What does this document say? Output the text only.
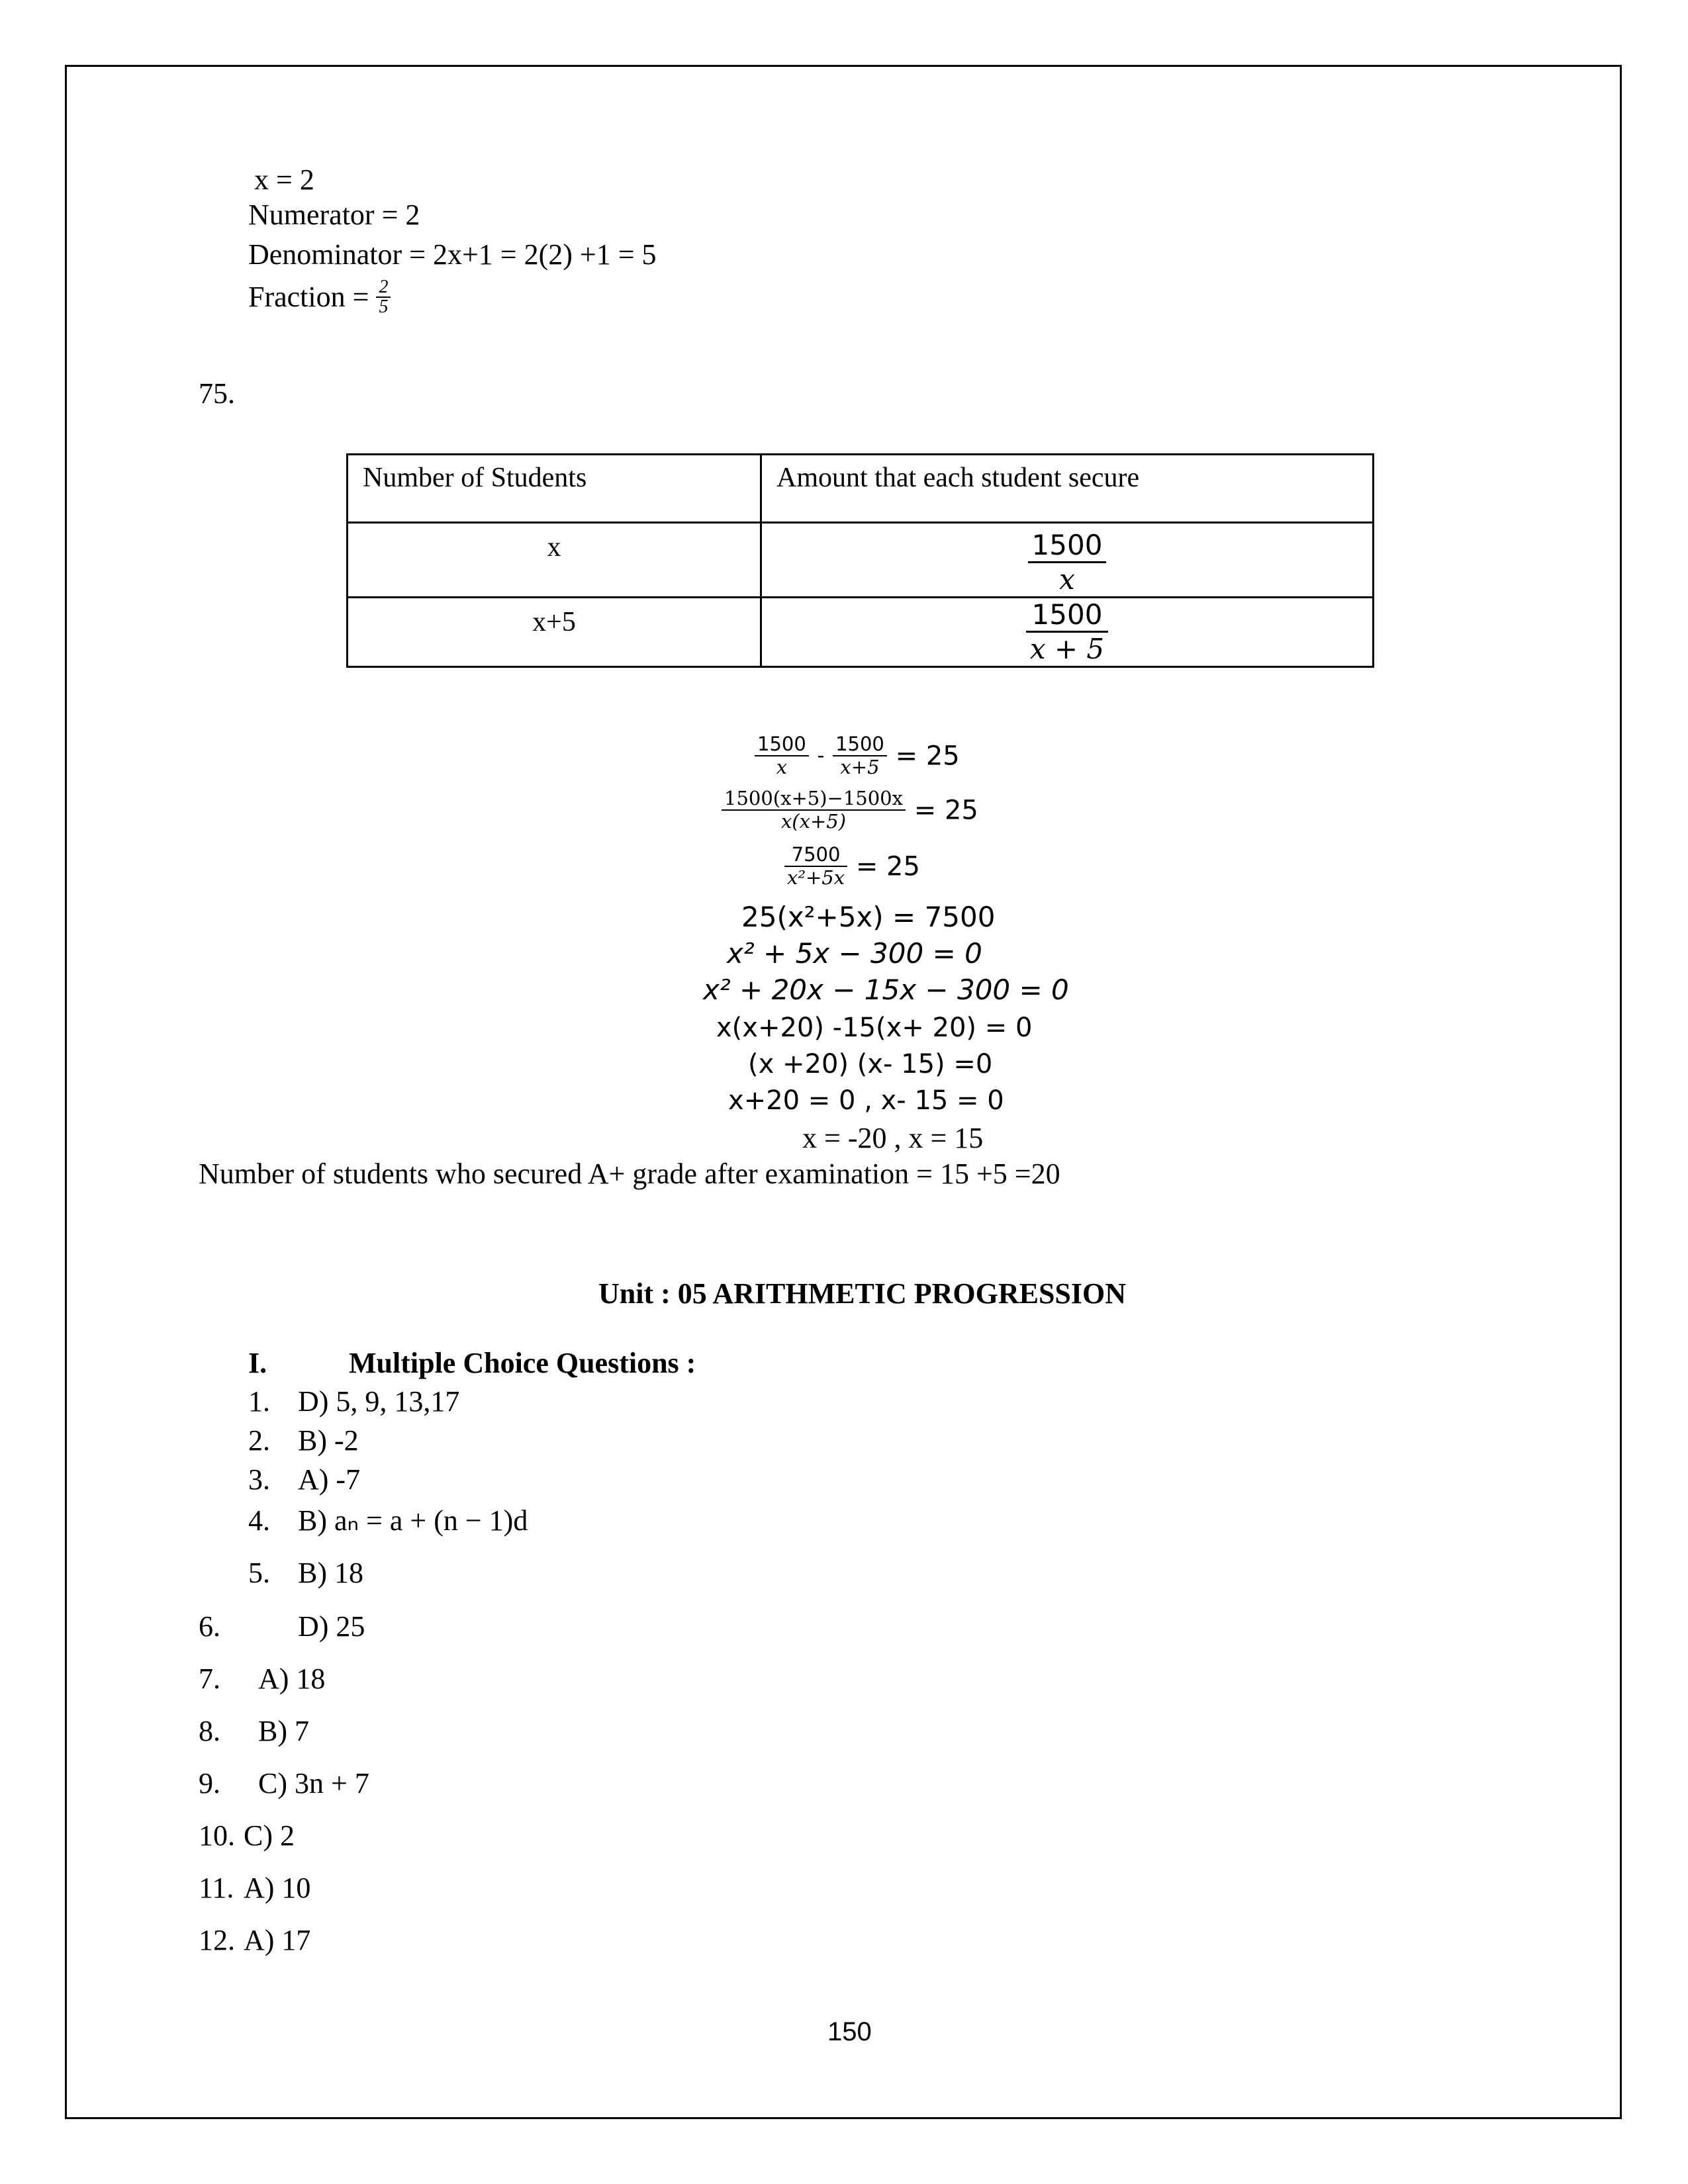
x = 2
Numerator = 2
Denominator = 2x+1 = 2(2) +1 = 5
Fraction = $\frac{2}{5}$
75.
Number of Students	Amount that each student secure
x	$\frac{1500}{x}$

x+5	$\frac{1500}{x + 5}$
$\frac{1500}{x} - \frac{1500}{x+5} = 25$
$\frac{1500(x+5)-1500x}{x(x+5)} = 25$
$\frac{7500}{\text{x²+5x}} = 25$
25(x²+5x) = 7500
x² + 5x − 300 = 0
x² + 20x − 15x − 300 = 0
x(x+20) -15(x+ 20) = 0
(x +20) (x- 15) =0
x+20 = 0 , x- 15 = 0
x = -20 , x = 15
Number of students who secured A+ grade after examination = 15 +5 =20
Unit : 05 ARITHMETIC PROGRESSION
I.	Multiple Choice Questions :
1. D) 5, 9, 13,17
2. B) -2
3. A) -7
4. B) aₙ = a + (n − 1)d
5. B) 18
6.	D) 25
7. A) 18
8. B) 7
9. C) 3n + 7
10. C) 2
11. A) 10
12. A) 17
150
